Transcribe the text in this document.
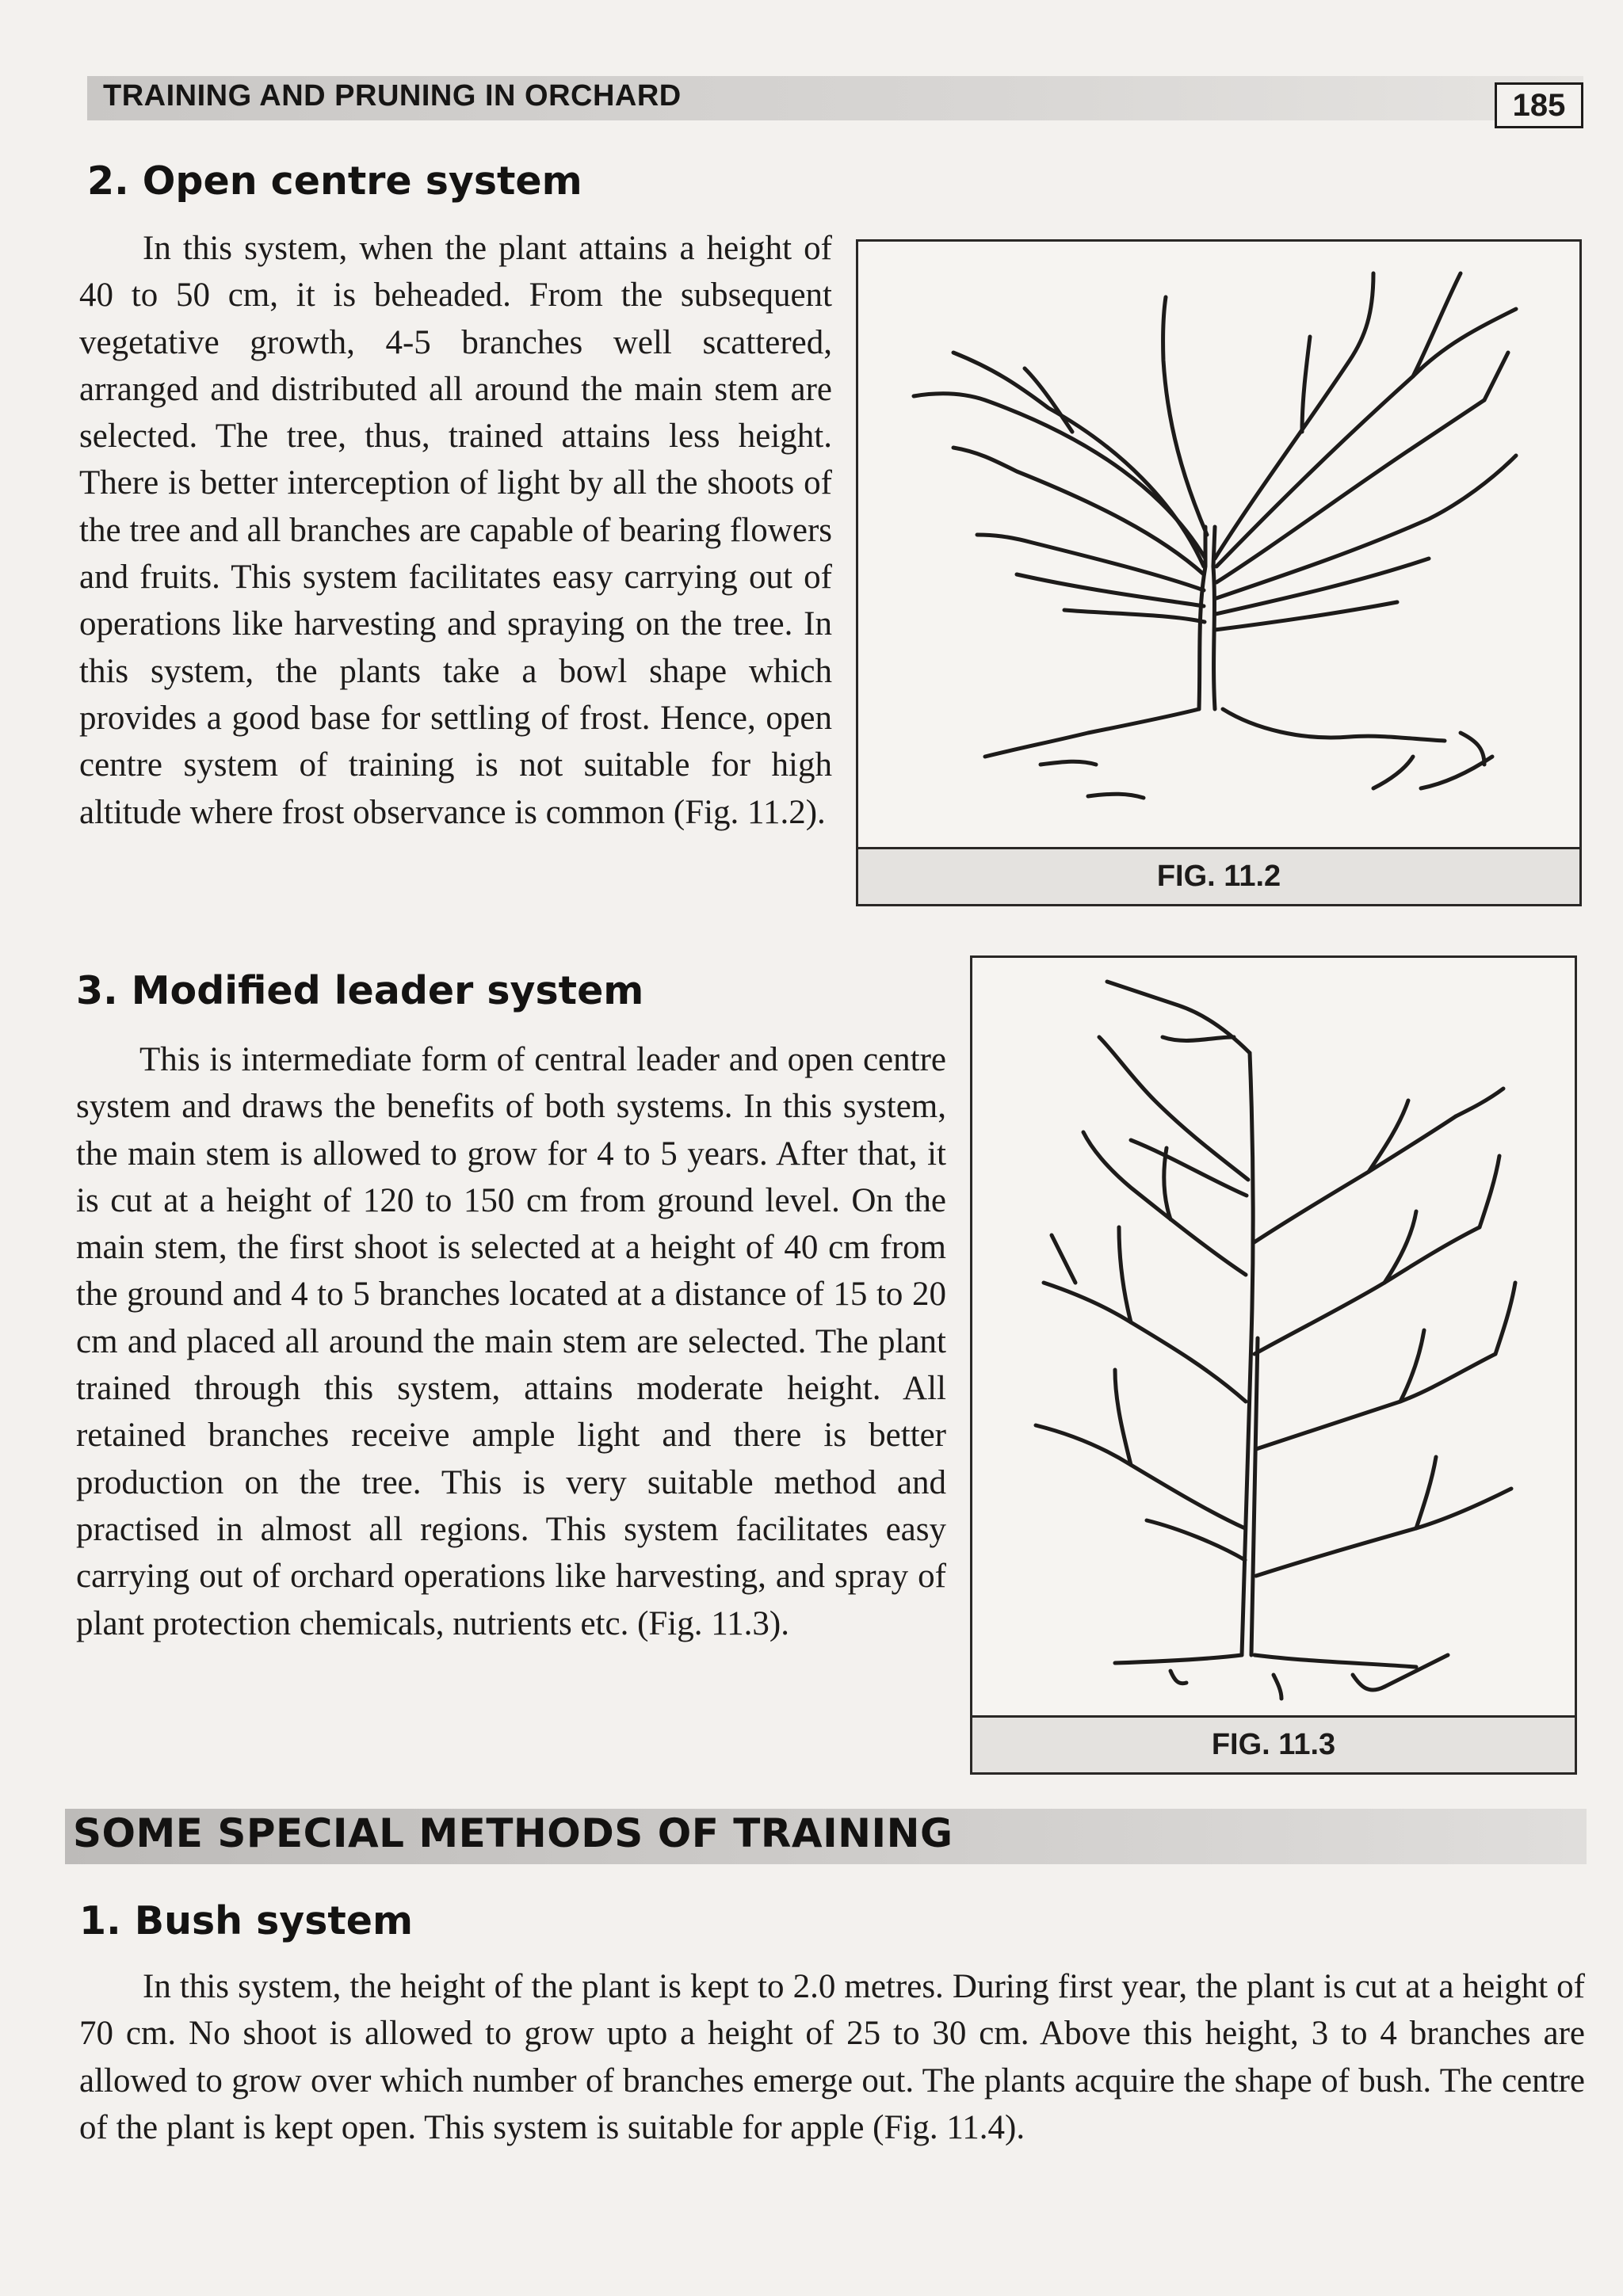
TRAINING AND PRUNING IN ORCHARD	185
2. Open centre system

In this system, when the plant attains a height of 40 to 50 cm, it is beheaded. From the subsequent vegetative growth, 4-5 branches well scattered, arranged and distributed all around the main stem are selected. The tree, thus, trained attains less height. There is better interception of light by all the shoots of the tree and all branches are capable of bearing flowers and fruits. This system facilitates easy carrying out of operations like harvesting and spraying on the tree. In this system, the plants take a bowl shape which provides a good base for settling of frost. Hence, open centre system of training is not suitable for high altitude where frost observance is common (Fig. 11.2).

FIG. 11.2
3. Modified leader system

This is intermediate form of central leader and open centre system and draws the benefits of both systems. In this system, the main stem is allowed to grow for 4 to 5 years. After that, it is cut at a height of 120 to 150 cm from ground level. On the main stem, the first shoot is selected at a height of 40 cm from the ground and 4 to 5 branches located at a distance of 15 to 20 cm and placed all around the main stem are selected. The plant trained through this system, attains moderate height. All retained branches receive ample light and there is better production on the tree. This is very suitable method and practised in almost all regions. This system facilitates easy carrying out of orchard operations like harvesting, and spray of plant protection chemicals, nutrients etc. (Fig. 11.3).

FIG. 11.3
SOME SPECIAL METHODS OF TRAINING
1. Bush system

In this system, the height of the plant is kept to 2.0 metres. During first year, the plant is cut at a height of 70 cm. No shoot is allowed to grow upto a height of 25 to 30 cm. Above this height, 3 to 4 branches are allowed to grow over which number of branches emerge out. The plants acquire the shape of bush. The centre of the plant is kept open. This system is suitable for apple (Fig. 11.4).
